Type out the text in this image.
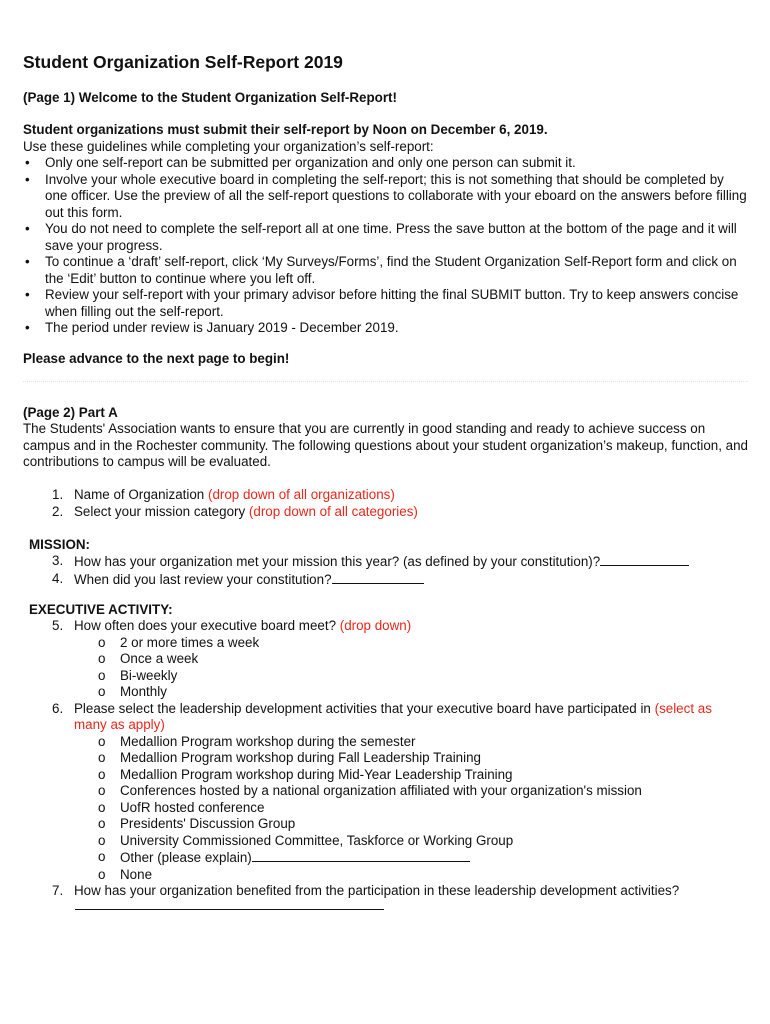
Student Organization Self-Report 2019
(Page 1) Welcome to the Student Organization Self-Report!
Student organizations must submit their self-report by Noon on December 6, 2019.
Use these guidelines while completing your organization’s self-report:
• Only one self-report can be submitted per organization and only one person can submit it.
• Involve your whole executive board in completing the self-report; this is not something that should be completed by one officer. Use the preview of all the self-report questions to collaborate with your eboard on the answers before filling out this form.
• You do not need to complete the self-report all at one time. Press the save button at the bottom of the page and it will save your progress.
• To continue a ‘draft’ self-report, click ‘My Surveys/Forms’, find the Student Organization Self-Report form and click on the ‘Edit’ button to continue where you left off.
• Review your self-report with your primary advisor before hitting the final SUBMIT button. Try to keep answers concise when filling out the self-report.
• The period under review is January 2019 - December 2019.
Please advance to the next page to begin!
(Page 2) Part A
The Students' Association wants to ensure that you are currently in good standing and ready to achieve success on campus and in the Rochester community. The following questions about your student organization’s makeup, function, and contributions to campus will be evaluated.
1. Name of Organization (drop down of all organizations)
2. Select your mission category (drop down of all categories)
MISSION:
3. How has your organization met your mission this year? (as defined by your constitution)?
4. When did you last review your constitution?
EXECUTIVE ACTIVITY:
5. How often does your executive board meet? (drop down)
o 2 or more times a week
o Once a week
o Bi-weekly
o Monthly
6. Please select the leadership development activities that your executive board have participated in (select as many as apply)
o Medallion Program workshop during the semester
o Medallion Program workshop during Fall Leadership Training
o Medallion Program workshop during Mid-Year Leadership Training
o Conferences hosted by a national organization affiliated with your organization's mission
o UofR hosted conference
o Presidents' Discussion Group
o University Commissioned Committee, Taskforce or Working Group
o Other (please explain)
o None
7. How has your organization benefited from the participation in these leadership development activities?
